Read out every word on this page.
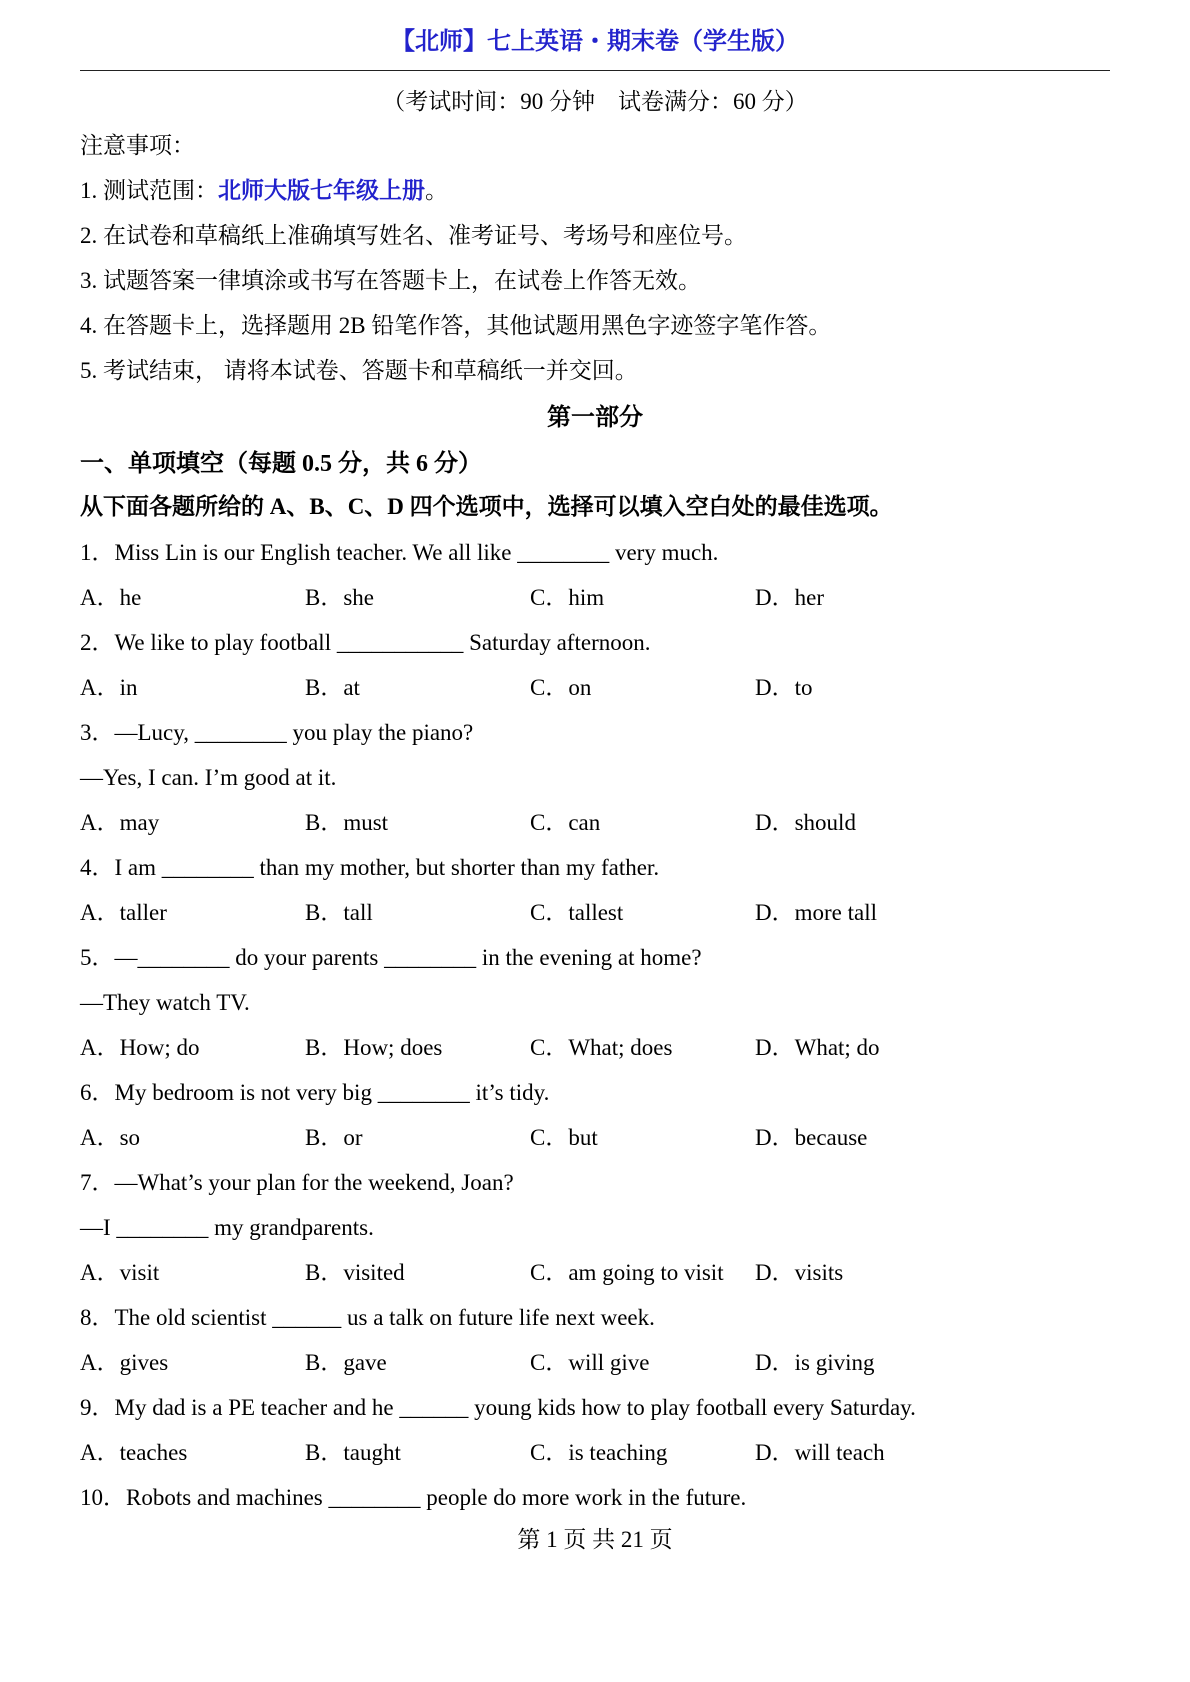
【北师】七上英语・期末卷（学生版）
（考试时间：90 分钟　试卷满分：60 分）
注意事项：
1. 测试范围：北师大版七年级上册。
2. 在试卷和草稿纸上准确填写姓名、准考证号、考场号和座位号。
3. 试题答案一律填涂或书写在答题卡上，在试卷上作答无效。
4. 在答题卡上，选择题用 2B 铅笔作答，其他试题用黑色字迹签字笔作答。
5. 考试结束， 请将本试卷、答题卡和草稿纸一并交回。
第一部分
一、单项填空（每题 0.5 分，共 6 分）
从下面各题所给的 A、B、C、D 四个选项中，选择可以填入空白处的最佳选项。
1．Miss Lin is our English teacher. We all like ________ very much.
A．he	B．she	C．him	D．her
2．We like to play football ___________ Saturday afternoon.
A．in	B．at	C．on	D．to
3．—Lucy, ________ you play the piano?
—Yes, I can. I’m good at it.
A．may	B．must	C．can	D．should
4．I am ________ than my mother, but shorter than my father.
A．taller	B．tall	C．tallest	D．more tall
5．—________ do your parents ________ in the evening at home?
—They watch TV.
A．How; do	B．How; does	C．What; does	D．What; do
6．My bedroom is not very big ________ it’s tidy.
A．so	B．or	C．but	D．because
7．—What’s your plan for the weekend, Joan?
—I ________ my grandparents.
A．visit	B．visited	C．am going to visit	D．visits
8．The old scientist ______ us a talk on future life next week.
A．gives	B．gave	C．will give	D．is giving
9．My dad is a PE teacher and he ______ young kids how to play football every Saturday.
A．teaches	B．taught	C．is teaching	D．will teach
10．Robots and machines ________ people do more work in the future.
第 1 页 共 21 页
